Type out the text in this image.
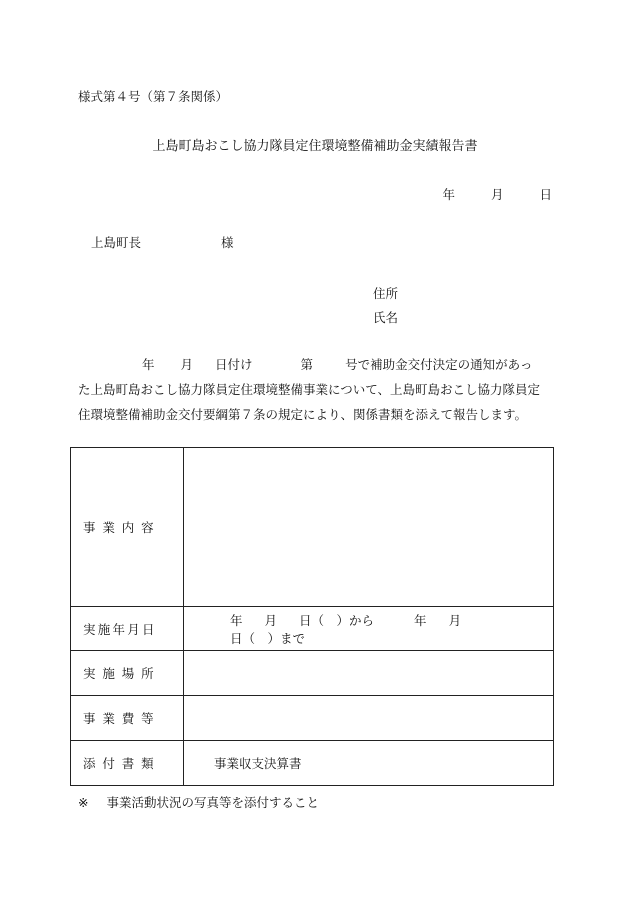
様式第４号（第７条関係）
上島町島おこし協力隊員定住環境整備補助金実績報告書
年	月	日
上島町長	様
住所
氏名
年 月 日付け	第	号で補助金交付決定の通知があっ
た上島町島おこし協力隊員定住環境整備事業について、上島町島おこし協力隊員定
住環境整備補助金交付要綱第７条の規定により、関係書類を添えて報告します。
事業内容	
実施年月日	年 月 日（　）から 年 月日（　）まで
実施場所	
事業費等	
添付書類	事業収支決算書
※ 事業活動状況の写真等を添付すること
